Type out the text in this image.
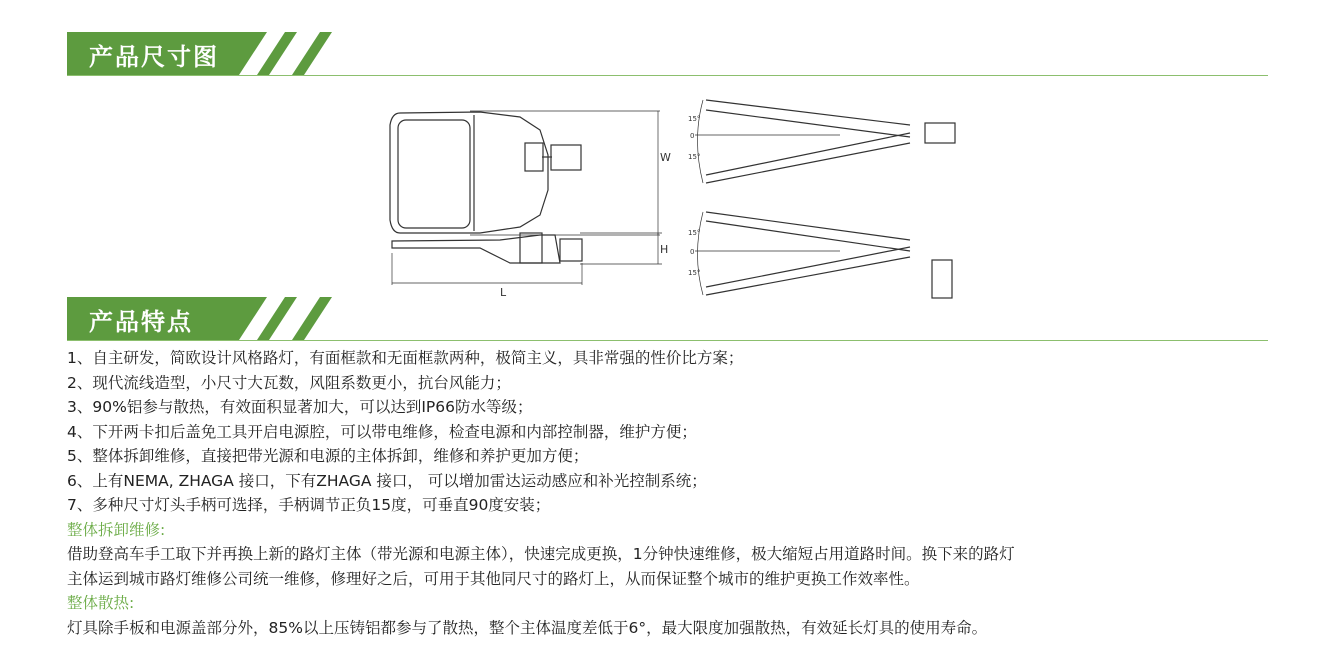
产品尺寸图
W
H
L
15°
0
15°
15°
0
15°
产品特点
1、自主研发，简欧设计风格路灯，有面框款和无面框款两种，极简主义，具非常强的性价比方案；
2、现代流线造型，小尺寸大瓦数，风阻系数更小，抗台风能力；
3、90%铝参与散热，有效面积显著加大，可以达到IP66防水等级；
4、下开两卡扣后盖免工具开启电源腔，可以带电维修，检查电源和内部控制器，维护方便；
5、整体拆卸维修，直接把带光源和电源的主体拆卸，维修和养护更加方便；
6、上有NEMA, ZHAGA 接口，下有ZHAGA 接口， 可以增加雷达运动感应和补光控制系统；
7、多种尺寸灯头手柄可选择，手柄调节正负15度，可垂直90度安装；
整体拆卸维修:
借助登高车手工取下并再换上新的路灯主体（带光源和电源主体），快速完成更换，1分钟快速维修，极大缩短占用道路时间。换下来的路灯
主体运到城市路灯维修公司统一维修，修理好之后，可用于其他同尺寸的路灯上，从而保证整个城市的维护更换工作效率性。
整体散热:
灯具除手板和电源盖部分外，85%以上压铸铝都参与了散热，整个主体温度差低于6°，最大限度加强散热，有效延长灯具的使用寿命。
